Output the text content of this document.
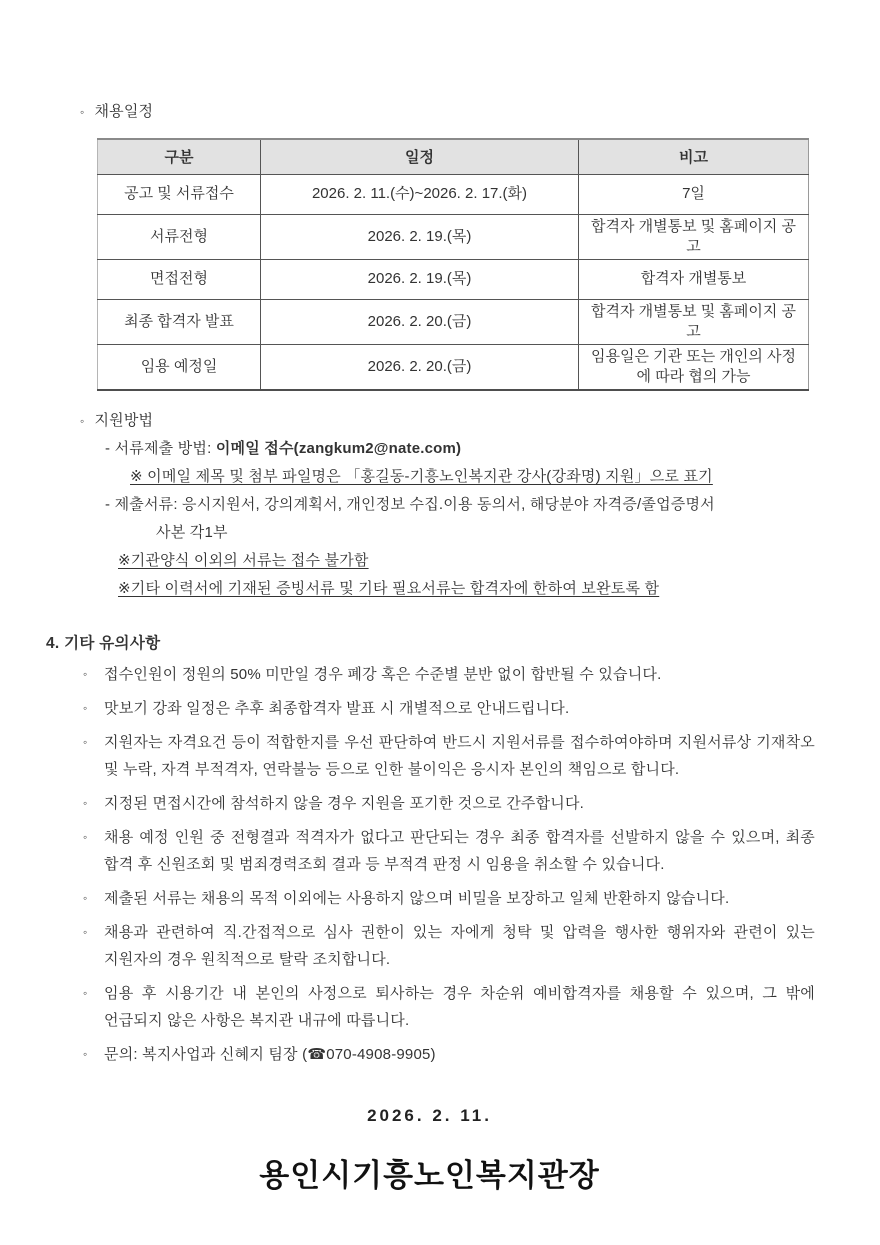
◦ 채용일정
구분	일정	비고
공고 및 서류접수	2026. 2. 11.(수)~2026. 2. 17.(화)	7일
서류전형	2026. 2. 19.(목)	합격자 개별통보 및 홈페이지 공고
면접전형	2026. 2. 19.(목)	합격자 개별통보
최종 합격자 발표	2026. 2. 20.(금)	합격자 개별통보 및 홈페이지 공고
임용 예정일	2026. 2. 20.(금)	임용일은 기관 또는 개인의 사정에 따라 협의 가능
◦ 지원방법
- 서류제출 방법: 이메일 접수(zangkum2@nate.com)
※ 이메일 제목 및 첨부 파일명은 「홍길동-기흥노인복지관 강사(강좌명) 지원」으로 표기
- 제출서류: 응시지원서, 강의계획서, 개인정보 수집.이용 동의서, 해당분야 자격증/졸업증명서
사본 각1부
※기관양식 이외의 서류는 접수 불가함
※기타 이력서에 기재된 증빙서류 및 기타 필요서류는 합격자에 한하여 보완토록 함
4. 기타 유의사항
◦	접수인원이 정원의 50% 미만일 경우 폐강 혹은 수준별 분반 없이 합반될 수 있습니다.
◦	맛보기 강좌 일정은 추후 최종합격자 발표 시 개별적으로 안내드립니다.
◦	지원자는 자격요건 등이 적합한지를 우선 판단하여 반드시 지원서류를 접수하여야하며 지원서류상 기재착오 및 누락, 자격 부적격자, 연락불능 등으로 인한 불이익은 응시자 본인의 책임으로 합니다.
◦	지정된 면접시간에 참석하지 않을 경우 지원을 포기한 것으로 간주합니다.
◦	채용 예정 인원 중 전형결과 적격자가 없다고 판단되는 경우 최종 합격자를 선발하지 않을 수 있으며, 최종 합격 후 신원조회 및 범죄경력조회 결과 등 부적격 판정 시 임용을 취소할 수 있습니다.
◦	제출된 서류는 채용의 목적 이외에는 사용하지 않으며 비밀을 보장하고 일체 반환하지 않습니다.
◦	채용과 관련하여 직.간접적으로 심사 권한이 있는 자에게 청탁 및 압력을 행사한 행위자와 관련이 있는 지원자의 경우 원칙적으로 탈락 조치합니다.
◦	임용 후 시용기간 내 본인의 사정으로 퇴사하는 경우 차순위 예비합격자를 채용할 수 있으며, 그 밖에 언급되지 않은 사항은 복지관 내규에 따릅니다.
◦	문의: 복지사업과 신혜지 팀장 (☎070-4908-9905)
2026. 2. 11.
용인시기흥노인복지관장
